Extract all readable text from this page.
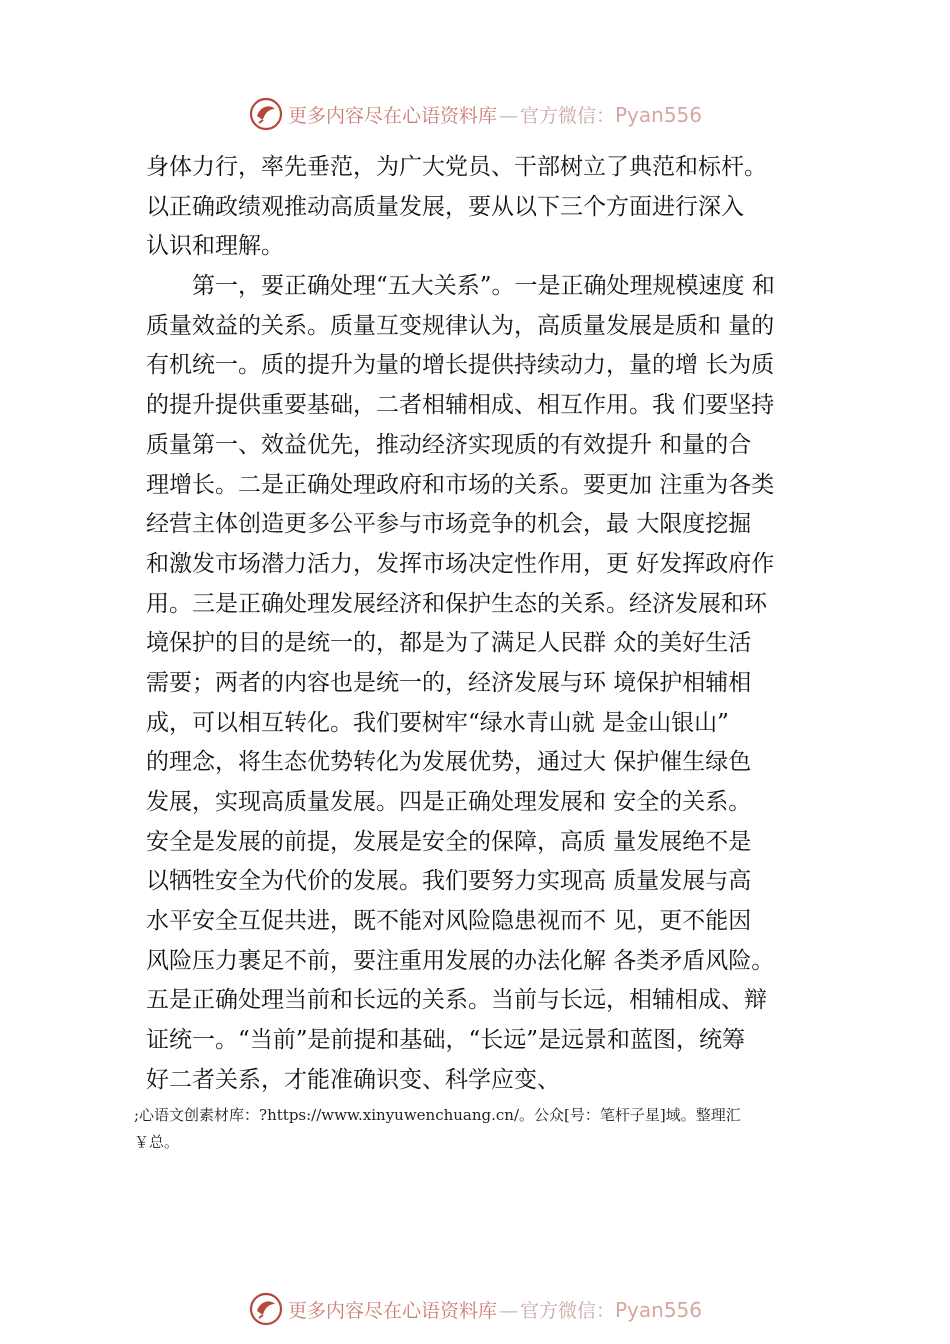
更多内容尽在心语资料库 — 官方微信：Pyan556
身体力行，率先垂范，为广大党员、干部树立了典范和标杆。
以正确政绩观推动高质量发展，要从以下三个方面进行深入
认识和理解。
　　第一，要正确处理“五大关系”。一是正确处理规模速度 和
质量效益的关系。质量互变规律认为，高质量发展是质和 量的
有机统一。质的提升为量的增长提供持续动力，量的增 长为质
的提升提供重要基础，二者相辅相成、相互作用。我 们要坚持
质量第一、效益优先，推动经济实现质的有效提升 和量的合
理增长。二是正确处理政府和市场的关系。要更加 注重为各类
经营主体创造更多公平参与市场竞争的机会，最 大限度挖掘
和激发市场潜力活力，发挥市场决定性作用，更 好发挥政府作
用。三是正确处理发展经济和保护生态的关系。经济发展和环
境保护的目的是统一的，都是为了满足人民群 众的美好生活
需要；两者的内容也是统一的，经济发展与环 境保护相辅相
成，可以相互转化。我们要树牢“绿水青山就 是金山银山”
的理念，将生态优势转化为发展优势，通过大 保护催生绿色
发展，实现高质量发展。四是正确处理发展和 安全的关系。
安全是发展的前提，发展是安全的保障，高质 量发展绝不是
以牺牲安全为代价的发展。我们要努力实现高 质量发展与高
水平安全互促共进，既不能对风险隐患视而不 见，更不能因
风险压力裹足不前，要注重用发展的办法化解 各类矛盾风险。
五是正确处理当前和长远的关系。当前与长远，相辅相成、辩
证统一。“当前”是前提和基础，“长远”是远景和蓝图，统筹
好二者关系，才能准确识变、科学应变、
;心语文创素材库：?https://www.xinyuwenchuang.cn/。公众[号：笔杆子星]域。整理汇
￥总。
更多内容尽在心语资料库 — 官方微信：Pyan556
